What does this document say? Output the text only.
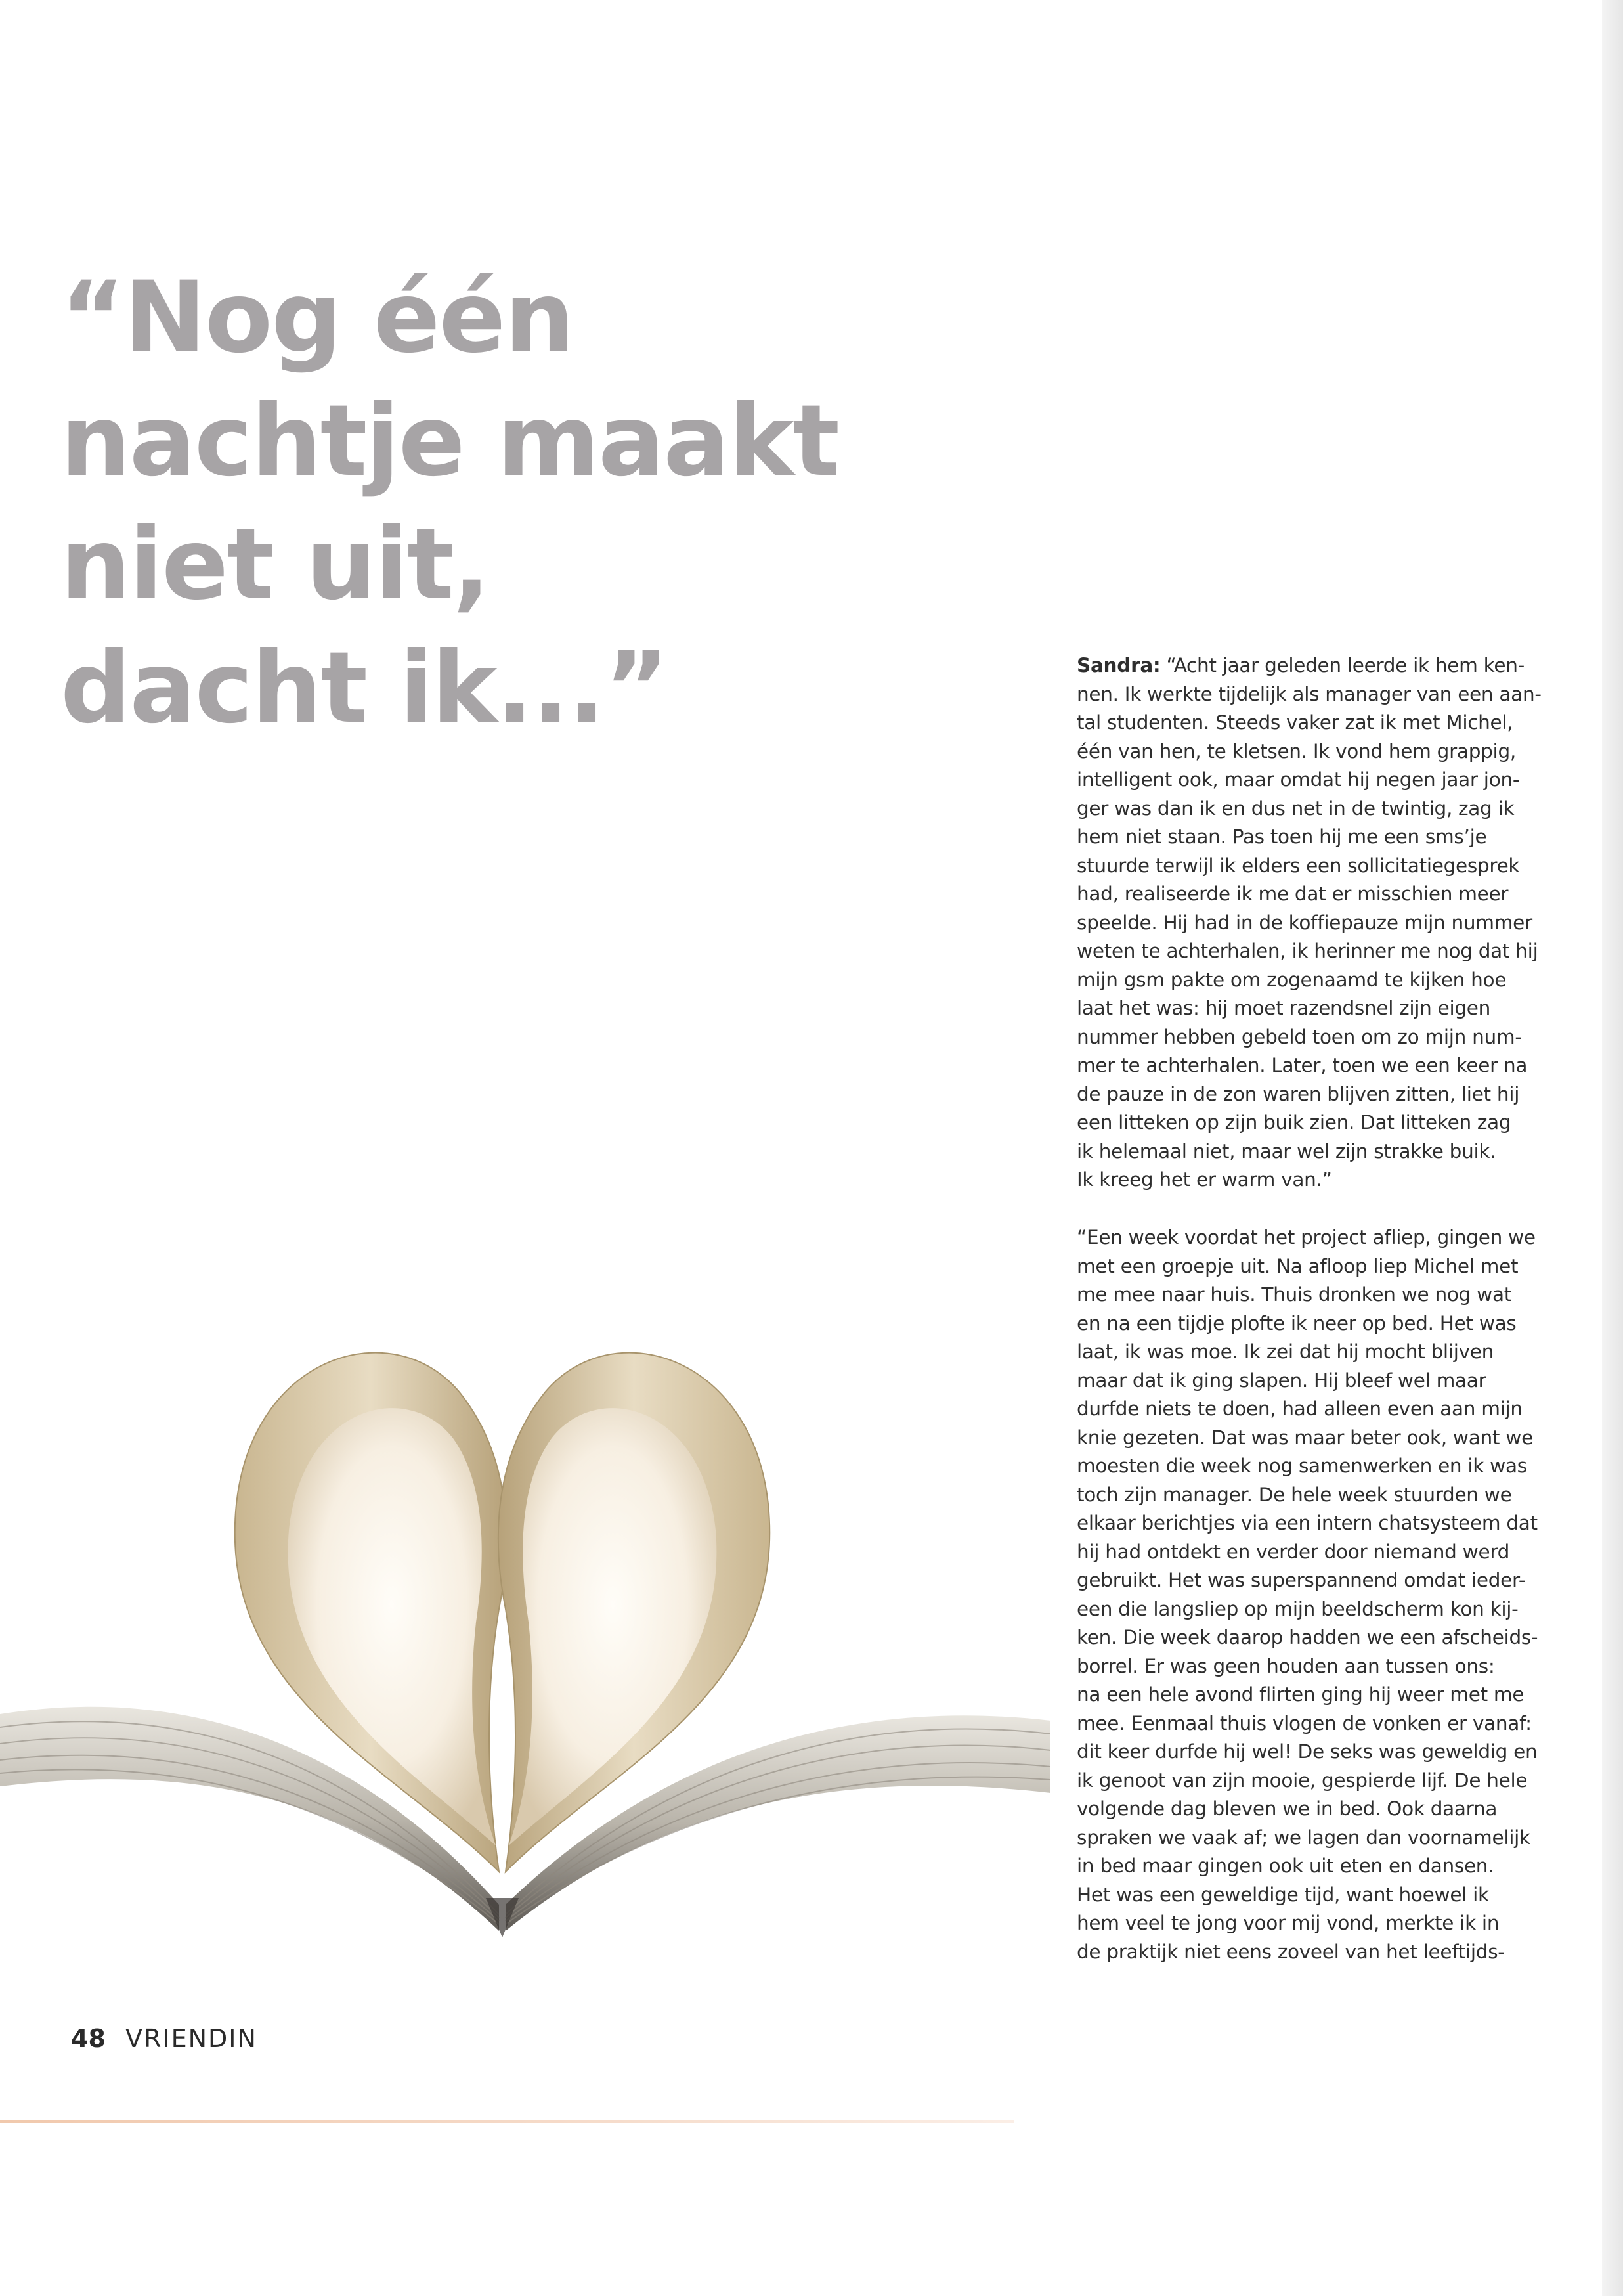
“Nog één
nachtje maakt
niet uit,
dacht ik...”	Sandra: “Acht jaar geleden leerde ik hem ken-
nen. Ik werkte tijdelijk als manager van een aan-
tal studenten. Steeds vaker zat ik met Michel,
één van hen, te kletsen. Ik vond hem grappig,
intelligent ook, maar omdat hij negen jaar jon-
ger was dan ik en dus net in de twintig, zag ik
hem niet staan. Pas toen hij me een sms’je
stuurde terwijl ik elders een sollicitatiegesprek
had, realiseerde ik me dat er misschien meer
speelde. Hij had in de koffiepauze mijn nummer
weten te achterhalen, ik herinner me nog dat hij
mijn gsm pakte om zogenaamd te kijken hoe
laat het was: hij moet razendsnel zijn eigen
nummer hebben gebeld toen om zo mijn num-
mer te achterhalen. Later, toen we een keer na
de pauze in de zon waren blijven zitten, liet hij
een litteken op zijn buik zien. Dat litteken zag
ik helemaal niet, maar wel zijn strakke buik.
Ik kreeg het er warm van.”
“Een week voordat het project afliep, gingen we
met een groepje uit. Na afloop liep Michel met
me mee naar huis. Thuis dronken we nog wat
en na een tijdje plofte ik neer op bed. Het was
laat, ik was moe. Ik zei dat hij mocht blijven
maar dat ik ging slapen. Hij bleef wel maar
durfde niets te doen, had alleen even aan mijn
knie gezeten. Dat was maar beter ook, want we
moesten die week nog samenwerken en ik was
toch zijn manager. De hele week stuurden we
elkaar berichtjes via een intern chatsysteem dat
hij had ontdekt en verder door niemand werd
gebruikt. Het was superspannend omdat ieder-
een die langsliep op mijn beeldscherm kon kij-
ken. Die week daarop hadden we een afscheids-
borrel. Er was geen houden aan tussen ons:
na een hele avond flirten ging hij weer met me
mee. Eenmaal thuis vlogen de vonken er vanaf:
dit keer durfde hij wel! De seks was geweldig en
ik genoot van zijn mooie, gespierde lijf. De hele
volgende dag bleven we in bed. Ook daarna
spraken we vaak af; we lagen dan voornamelijk
in bed maar gingen ook uit eten en dansen.
Het was een geweldige tijd, want hoewel ik
hem veel te jong voor mij vond, merkte ik in
de praktijk niet eens zoveel van het leeftijds-
48 VRIENDIN
